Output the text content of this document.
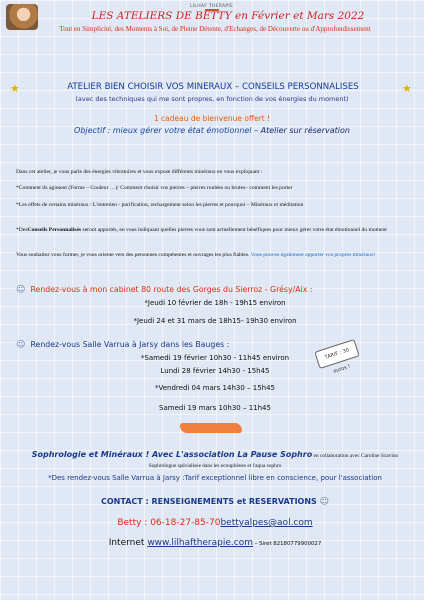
LILHAF THERAPIE
LES ATELIERS DE BETTY en Février et Mars 2022
Tout en Simplicité, des Moments à Soi, de Pleine Détente, d'Echanges, de Découverte ou d'Approfondissement
★	★
ATELIER BIEN CHOISIR VOS MINERAUX – CONSEILS PERSONNALISES
(avec des techniques qui me sont propres, en fonction de vos énergies du moment)
1 cadeau de bienvenue offert !
Objectif : mieux gérer votre état émotionnel – Atelier sur réservation
Dans cet atelier, je vous parle des énergies vibratoires et vous expose différents minéraux en vous expliquant :
*Comment ils agissent (Forme – Couleur …)/ Comment choisir vos pierres – pierres roulées ou brutes– comment les porter
*Les effets de certains minéraux / L'entretien - purification, rechargement selon les pierres et pourquoi – Minéraux et méditation
*DesConseils Personnalisés seront apportés, en vous indiquant quelles pierres vous sont actuellement bénéfiques pour mieux gérer votre état émotionnel du moment
Vous souhaitez vous former, je vous oriente vers des personnes compétentes et ouvrages les plus fiables. Vous pouvez également apporter vos propres minéraux!
☺ Rendez-vous à mon cabinet 80 route des Gorges du Sierroz - Grésy/Aix :
*Jeudi 10 février de 18h - 19h15 environ
*Jeudi 24 et 31 mars de 18h15- 19h30 environ
☺ Rendez-vous Salle Varrua à Jarsy dans les Bauges :
TARIF : 30 euros !
*Samedi 19 février 10h30 - 11h45 environ
Lundi 28 février 14h30 - 15h45
*Vendredi 04 mars 14h30 – 15h45
Samedi 19 mars 10h30 – 11h45
Sophrologie et Minéraux ! Avec L'association La Pause Sophro en collaboration avec Caroline Scavino
Sophrologue spécialisée dans les ecouphènes et l'aqua sophro
*Des rendez-vous Salle Varrua à Jarsy :Tarif exceptionnel libre en conscience, pour l'association
CONTACT : RENSEIGNEMENTS et RESERVATIONS ☺
Betty : 06-18-27-85-70bettyalpes@aol.com
Internet www.lilhaftherapie.com – Siret 82180779900027
